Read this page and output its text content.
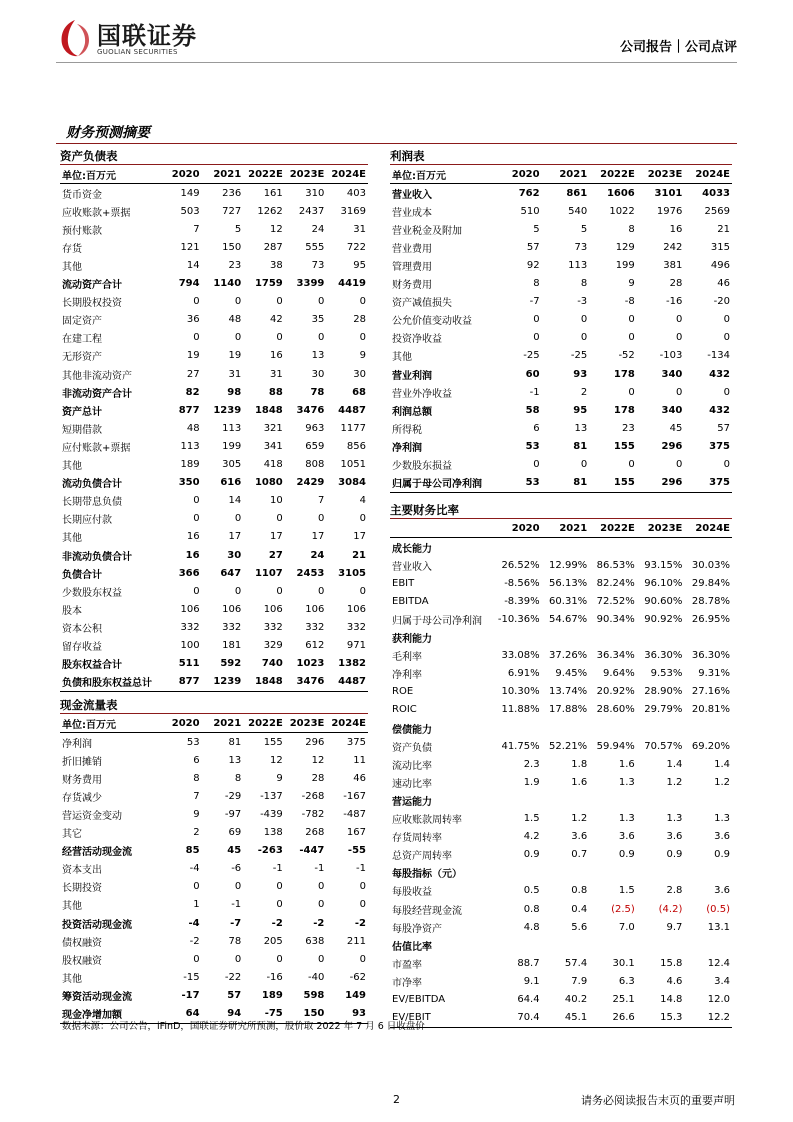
国联证券
GUOLIAN SECURITIES	公司报告｜公司点评
财务预测摘要
资产负债表
单位:百万元	2020	2021	2022E	2023E	2024E
货币资金	149	236	161	310	403
应收账款+票据	503	727	1262	2437	3169
预付账款	7	5	12	24	31
存货	121	150	287	555	722
其他	14	23	38	73	95
流动资产合计	794	1140	1759	3399	4419
长期股权投资	0	0	0	0	0
固定资产	36	48	42	35	28
在建工程	0	0	0	0	0
无形资产	19	19	16	13	9
其他非流动资产	27	31	31	30	30
非流动资产合计	82	98	88	78	68
资产总计	877	1239	1848	3476	4487
短期借款	48	113	321	963	1177
应付账款+票据	113	199	341	659	856
其他	189	305	418	808	1051
流动负债合计	350	616	1080	2429	3084
长期带息负债	0	14	10	7	4
长期应付款	0	0	0	0	0
其他	16	17	17	17	17
非流动负债合计	16	30	27	24	21
负债合计	366	647	1107	2453	3105
少数股东权益	0	0	0	0	0
股本	106	106	106	106	106
资本公积	332	332	332	332	332
留存收益	100	181	329	612	971
股东权益合计	511	592	740	1023	1382
负债和股东权益总计	877	1239	1848	3476	4487
利润表
单位:百万元	2020	2021	2022E	2023E	2024E
营业收入	762	861	1606	3101	4033
营业成本	510	540	1022	1976	2569
营业税金及附加	5	5	8	16	21
营业费用	57	73	129	242	315
管理费用	92	113	199	381	496
财务费用	8	8	9	28	46
资产减值损失	-7	-3	-8	-16	-20
公允价值变动收益	0	0	0	0	0
投资净收益	0	0	0	0	0
其他	-25	-25	-52	-103	-134
营业利润	60	93	178	340	432
营业外净收益	-1	2	0	0	0
利润总额	58	95	178	340	432
所得税	6	13	23	45	57
净利润	53	81	155	296	375
少数股东损益	0	0	0	0	0
归属于母公司净利润	53	81	155	296	375
主要财务比率
	2020	2021	2022E	2023E	2024E
成长能力					
营业收入	26.52%	12.99%	86.53%	93.15%	30.03%
EBIT	-8.56%	56.13%	82.24%	96.10%	29.84%
EBITDA	-8.39%	60.31%	72.52%	90.60%	28.78%
归属于母公司净利润	-10.36%	54.67%	90.34%	90.92%	26.95%
获利能力					
毛利率	33.08%	37.26%	36.34%	36.30%	36.30%
净利率	6.91%	9.45%	9.64%	9.53%	9.31%
ROE	10.30%	13.74%	20.92%	28.90%	27.16%
ROIC	11.88%	17.88%	28.60%	29.79%	20.81%
偿债能力					
资产负债	41.75%	52.21%	59.94%	70.57%	69.20%
流动比率	2.3	1.8	1.6	1.4	1.4
速动比率	1.9	1.6	1.3	1.2	1.2
营运能力					
应收账款周转率	1.5	1.2	1.3	1.3	1.3
存货周转率	4.2	3.6	3.6	3.6	3.6
总资产周转率	0.9	0.7	0.9	0.9	0.9
每股指标（元）					
每股收益	0.5	0.8	1.5	2.8	3.6
每股经营现金流	0.8	0.4	(2.5)	(4.2)	(0.5)
每股净资产	4.8	5.6	7.0	9.7	13.1
估值比率					
市盈率	88.7	57.4	30.1	15.8	12.4
市净率	9.1	7.9	6.3	4.6	3.4
EV/EBITDA	64.4	40.2	25.1	14.8	12.0
EV/EBIT	70.4	45.1	26.6	15.3	12.2
现金流量表
单位:百万元	2020	2021	2022E	2023E	2024E
净利润	53	81	155	296	375
折旧摊销	6	13	12	12	11
财务费用	8	8	9	28	46
存货减少	7	-29	-137	-268	-167
营运资金变动	9	-97	-439	-782	-487
其它	2	69	138	268	167
经营活动现金流	85	45	-263	-447	-55
资本支出	-4	-6	-1	-1	-1
长期投资	0	0	0	0	0
其他	1	-1	0	0	0
投资活动现金流	-4	-7	-2	-2	-2
债权融资	-2	78	205	638	211
股权融资	0	0	0	0	0
其他	-15	-22	-16	-40	-62
筹资活动现金流	-17	57	189	598	149
现金净增加额	64	94	-75	150	93
数据来源：公司公告，iFinD，国联证券研究所预测，股价取 2022 年 7 月 6 日收盘价
2	请务必阅读报告末页的重要声明
